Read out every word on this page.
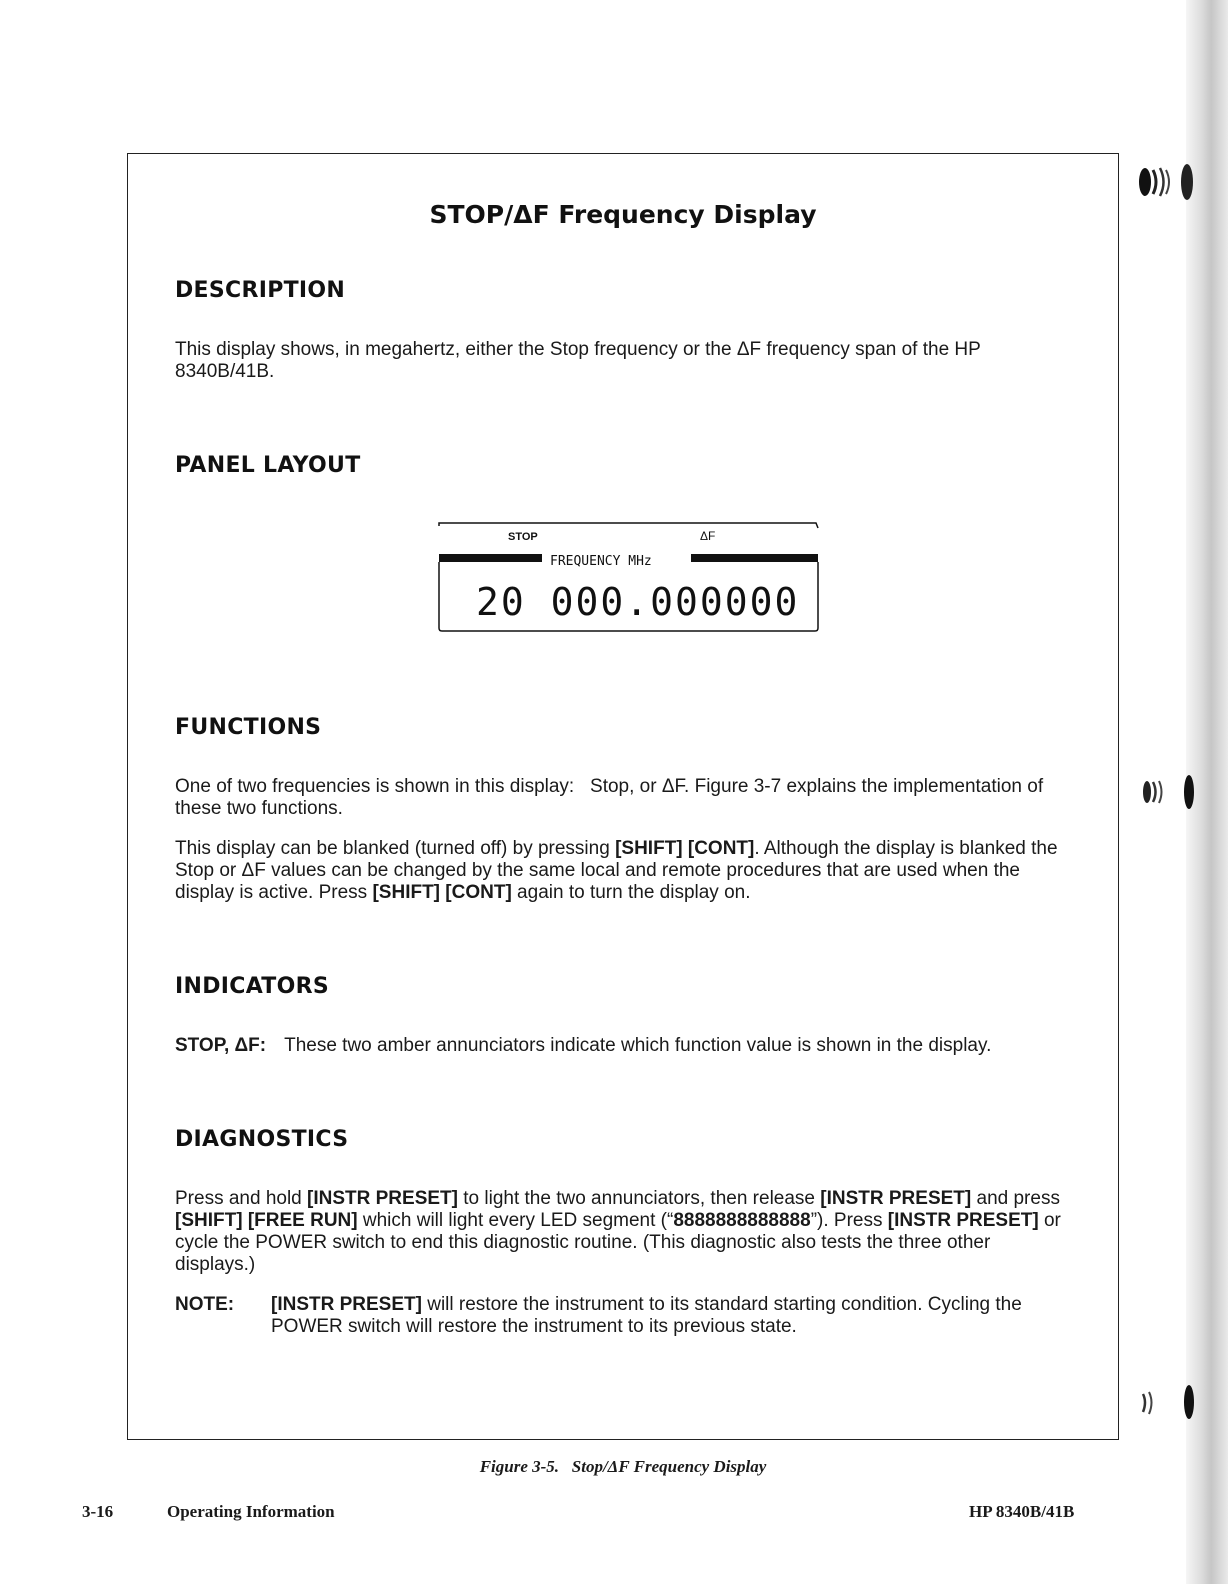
STOP/ΔF Frequency Display
DESCRIPTION
This display shows, in megahertz, either the Stop frequency or the ΔF frequency span of the HP 8340B/41B.
PANEL LAYOUT
STOP	ΔF
FREQUENCY MHz
20 000.000000
FUNCTIONS
One of two frequencies is shown in this display:   Stop, or ΔF. Figure 3-7 explains the implementation of these two functions.
This display can be blanked (turned off) by pressing [SHIFT] [CONT]. Although the display is blanked the Stop or ΔF values can be changed by the same local and remote procedures that are used when the display is active. Press [SHIFT] [CONT] again to turn the display on.
INDICATORS
STOP, ΔF: These two amber annunciators indicate which function value is shown in the display.
DIAGNOSTICS
Press and hold [INSTR PRESET] to light the two annunciators, then release [INSTR PRESET] and press [SHIFT] [FREE RUN] which will light every LED segment (“8888888888888”). Press [INSTR PRESET] or cycle the POWER switch to end this diagnostic routine. (This diagnostic also tests the three other displays.)
NOTE: [INSTR PRESET] will restore the instrument to its standard starting condition. Cycling the POWER switch will restore the instrument to its previous state.
Figure 3-5.   Stop/ΔF Frequency Display
3-16	Operating Information	HP 8340B/41B
